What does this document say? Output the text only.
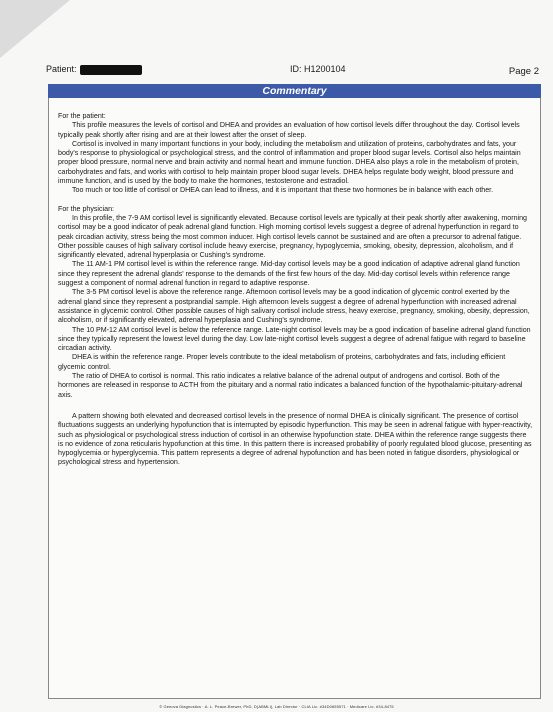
Patient:	ID: H1200104	Page 2
Commentary

For the patient:

This profile measures the levels of cortisol and DHEA and provides an evaluation of how cortisol levels differ throughout the day. Cortisol levels typically peak shortly after rising and are at their lowest after the onset of sleep.

Cortisol is involved in many important functions in your body, including the metabolism and utilization of proteins, carbohydrates and fats, your body's response to physiological or psychological stress, and the control of inflammation and proper blood sugar levels. Cortisol also helps maintain proper blood pressure, normal nerve and brain activity and normal heart and immune function. DHEA also plays a role in the metabolism of protein, carbohydrates and fats, and works with cortisol to help maintain proper blood sugar levels. DHEA helps regulate body weight, blood pressure and immune function, and is used by the body to make the hormones, testosterone and estradiol.

Too much or too little of cortisol or DHEA can lead to illness, and it is important that these two hormones be in balance with each other.

For the physician:

In this profile, the 7-9 AM cortisol level is significantly elevated. Because cortisol levels are typically at their peak shortly after awakening, morning cortisol may be a good indicator of peak adrenal gland function. High morning cortisol levels suggest a degree of adrenal hyperfunction in regard to peak circadian activity, stress being the most common inducer. High cortisol levels cannot be sustained and are often a precursor to adrenal fatigue. Other possible causes of high salivary cortisol include heavy exercise, pregnancy, hypoglycemia, smoking, obesity, depression, alcoholism, and if significantly elevated, adrenal hyperplasia or Cushing's syndrome.

The 11 AM-1 PM cortisol level is within the reference range. Mid-day cortisol levels may be a good indication of adaptive adrenal gland function since they represent the adrenal glands' response to the demands of the first few hours of the day. Mid-day cortisol levels within reference range suggest a component of normal adrenal function in regard to adaptive response.

The 3-5 PM cortisol level is above the reference range. Afternoon cortisol levels may be a good indication of glycemic control exerted by the adrenal gland since they represent a postprandial sample. High afternoon levels suggest a degree of adrenal hyperfunction with increased adrenal assistance in glycemic control. Other possible causes of high salivary cortisol include stress, heavy exercise, pregnancy, smoking, obesity, depression, alcoholism, or if significantly elevated, adrenal hyperplasia and Cushing's syndrome.

The 10 PM-12 AM cortisol level is below the reference range. Late-night cortisol levels may be a good indication of baseline adrenal gland function since they typically represent the lowest level during the day. Low late-night cortisol levels suggest a degree of adrenal fatigue with regard to baseline circadian activity.

DHEA is within the reference range. Proper levels contribute to the ideal metabolism of proteins, carbohydrates and fats, including efficient glycemic control.

The ratio of DHEA to cortisol is normal. This ratio indicates a relative balance of the adrenal output of androgens and cortisol. Both of the hormones are released in response to ACTH from the pituitary and a normal ratio indicates a balanced function of the hypothalamic-pituitary-adrenal axis.

A pattern showing both elevated and decreased cortisol levels in the presence of normal DHEA is clinically significant. The presence of cortisol fluctuations suggests an underlying hypofunction that is interrupted by episodic hyperfunction. This may be seen in adrenal fatigue with hyper-reactivity, such as physiological or psychological stress induction of cortisol in an otherwise hypofunction state. DHEA within the reference range suggests there is no evidence of zona reticularis hypofunction at this time. In this pattern there is increased probability of poorly regulated blood glucose, presenting as hypoglycemia or hyperglycemia. This pattern represents a degree of adrenal hypofunction and has been noted in fatigue disorders, physiological or psychological stress and hypertension.

© Genova Diagnostics · A. L. Peace-Brewer, PhD, D(ABMLI), Lab Director · CLIA Lic. #34D0655571 · Medicare Lic. #34-8475
